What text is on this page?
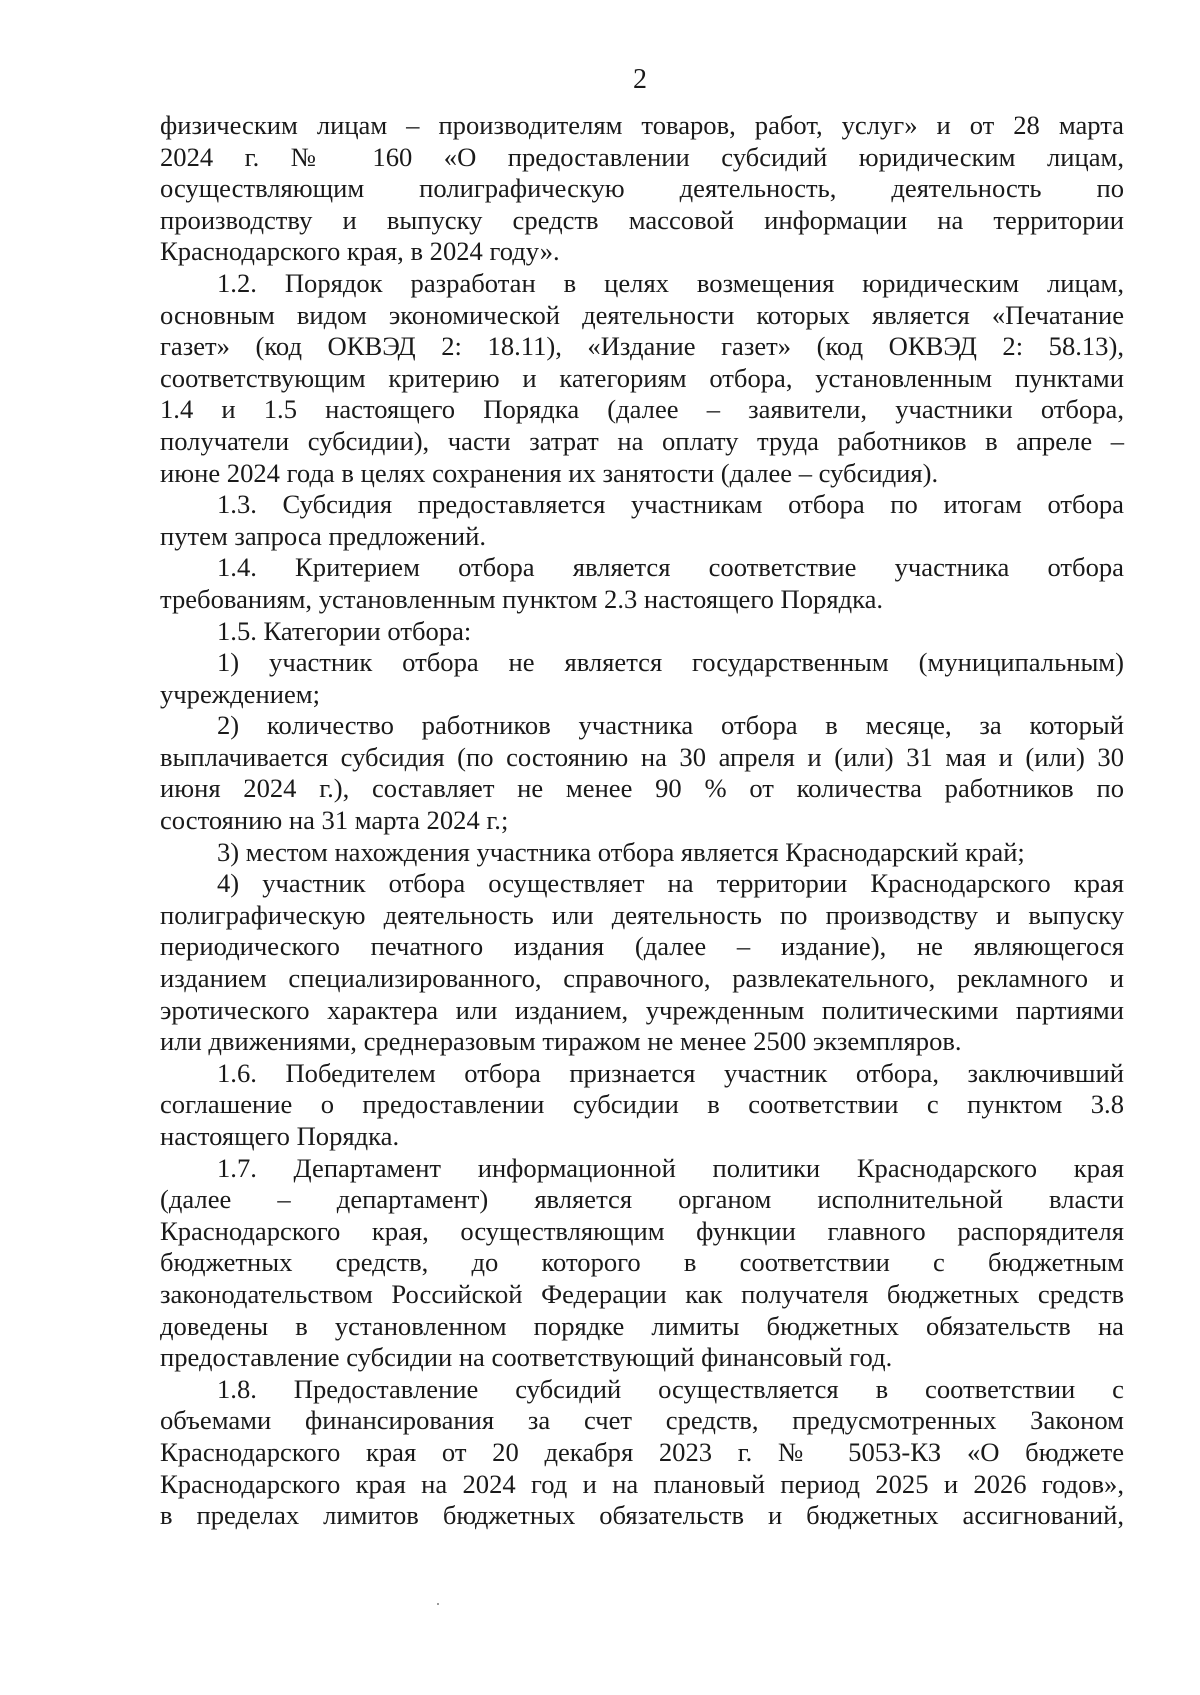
2

физическим лицам – производителям товаров, работ, услуг» и от 28 марта

2024 г. № 160 «О предоставлении субсидий юридическим лицам,

осуществляющим полиграфическую деятельность, деятельность по

производству и выпуску средств массовой информации на территории

Краснодарского края, в 2024 году».

1.2. Порядок разработан в целях возмещения юридическим лицам,

основным видом экономической деятельности которых является «Печатание

газет» (код ОКВЭД 2: 18.11), «Издание газет» (код ОКВЭД 2: 58.13),

соответствующим критерию и категориям отбора, установленным пунктами

1.4 и 1.5 настоящего Порядка (далее – заявители, участники отбора,

получатели субсидии), части затрат на оплату труда работников в апреле –

июне 2024 года в целях сохранения их занятости (далее – субсидия).

1.3. Субсидия предоставляется участникам отбора по итогам отбора

путем запроса предложений.

1.4. Критерием отбора является соответствие участника отбора

требованиям, установленным пунктом 2.3 настоящего Порядка.

1.5. Категории отбора:

1) участник отбора не является государственным (муниципальным)

учреждением;

2) количество работников участника отбора в месяце, за который

выплачивается субсидия (по состоянию на 30 апреля и (или) 31 мая и (или) 30

июня 2024 г.), составляет не менее 90 % от количества работников по

состоянию на 31 марта 2024 г.;

3) местом нахождения участника отбора является Краснодарский край;

4) участник отбора осуществляет на территории Краснодарского края

полиграфическую деятельность или деятельность по производству и выпуску

периодического печатного издания (далее – издание), не являющегося

изданием специализированного, справочного, развлекательного, рекламного и

эротического характера или изданием, учрежденным политическими партиями

или движениями, среднеразовым тиражом не менее 2500 экземпляров.

1.6. Победителем отбора признается участник отбора, заключивший

соглашение о предоставлении субсидии в соответствии с пунктом 3.8

настоящего Порядка.

1.7. Департамент информационной политики Краснодарского края

(далее – департамент) является органом исполнительной власти

Краснодарского края, осуществляющим функции главного распорядителя

бюджетных средств, до которого в соответствии с бюджетным

законодательством Российской Федерации как получателя бюджетных средств

доведены в установленном порядке лимиты бюджетных обязательств на

предоставление субсидии на соответствующий финансовый год.

1.8. Предоставление субсидий осуществляется в соответствии с

объемами финансирования за счет средств, предусмотренных Законом

Краснодарского края от 20 декабря 2023 г. № 5053-КЗ «О бюджете

Краснодарского края на 2024 год и на плановый период 2025 и 2026 годов»,

в пределах лимитов бюджетных обязательств и бюджетных ассигнований,
